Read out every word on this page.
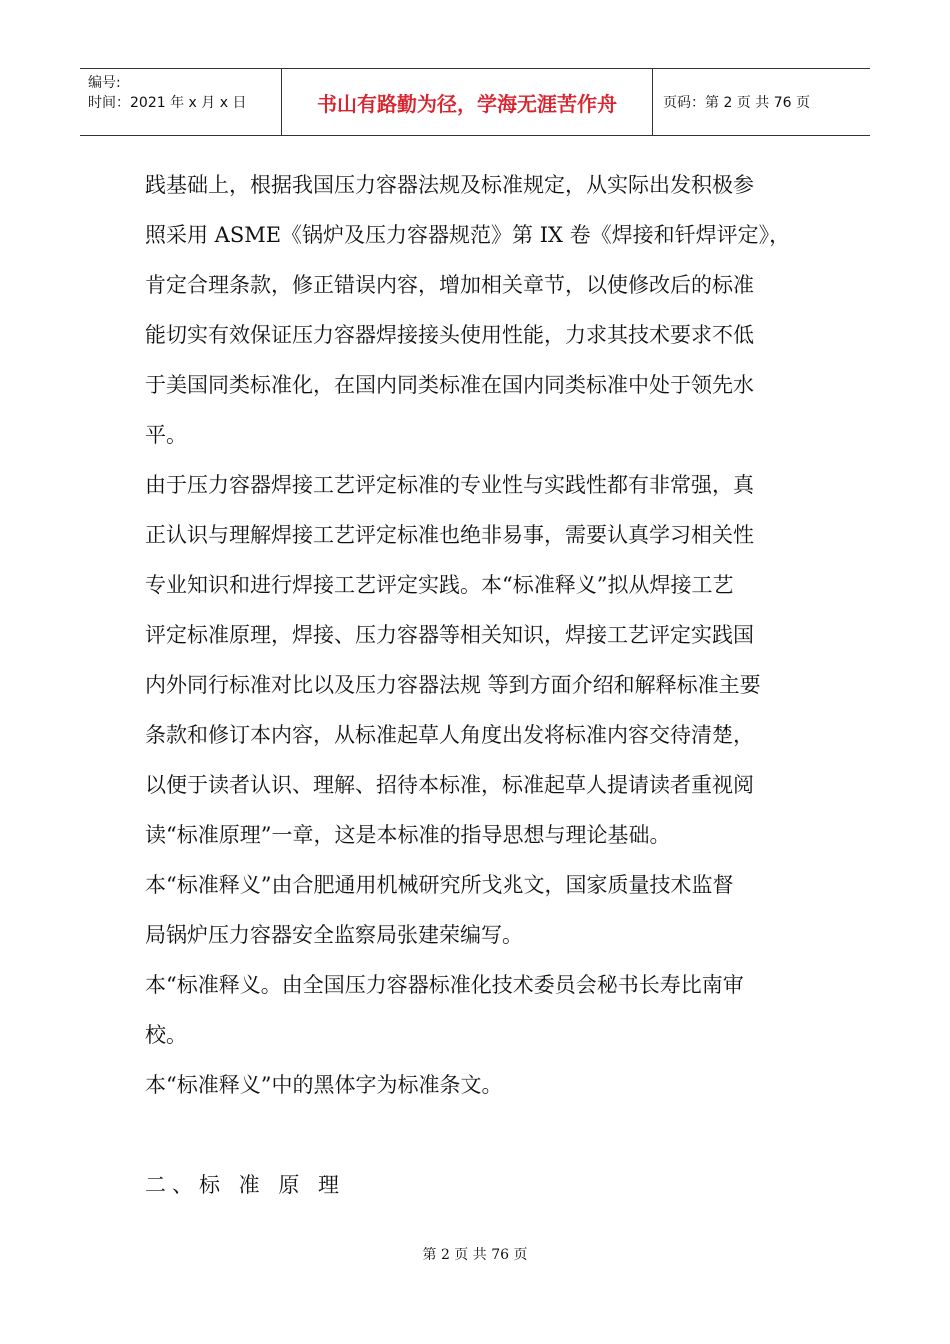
编号:
时间：2021 年 x 月 x 日	书山有路勤为径，学海无涯苦作舟	页码：第 2 页 共 76 页

践基础上，根据我国压力容器法规及标准规定，从实际出发积极参

照采用 ASME《锅炉及压力容器规范》第 IX 卷《焊接和钎焊评定》，

肯定合理条款，修正错误内容，增加相关章节，以使修改后的标准

能切实有效保证压力容器焊接接头使用性能，力求其技术要求不低

于美国同类标准化，在国内同类标准在国内同类标准中处于领先水

平。

由于压力容器焊接工艺评定标准的专业性与实践性都有非常强，真

正认识与理解焊接工艺评定标准也绝非易事，需要认真学习相关性

专业知识和进行焊接工艺评定实践。本“标准释义”拟从焊接工艺

评定标准原理，焊接、压力容器等相关知识，焊接工艺评定实践国

内外同行标准对比以及压力容器法规 等到方面介绍和解释标准主要

条款和修订本内容，从标准起草人角度出发将标准内容交待清楚，

以便于读者认识、理解、招待本标准，标准起草人提请读者重视阅

读“标准原理”一章，这是本标准的指导思想与理论基础。

本“标准释义”由合肥通用机械研究所戈兆文，国家质量技术监督

局锅炉压力容器安全监察局张建荣编写。

本“标准释义。由全国压力容器标准化技术委员会秘书长寿比南审

校。

本“标准释义”中的黑体字为标准条文。

二、标 准 原 理

第 2 页 共 76 页
